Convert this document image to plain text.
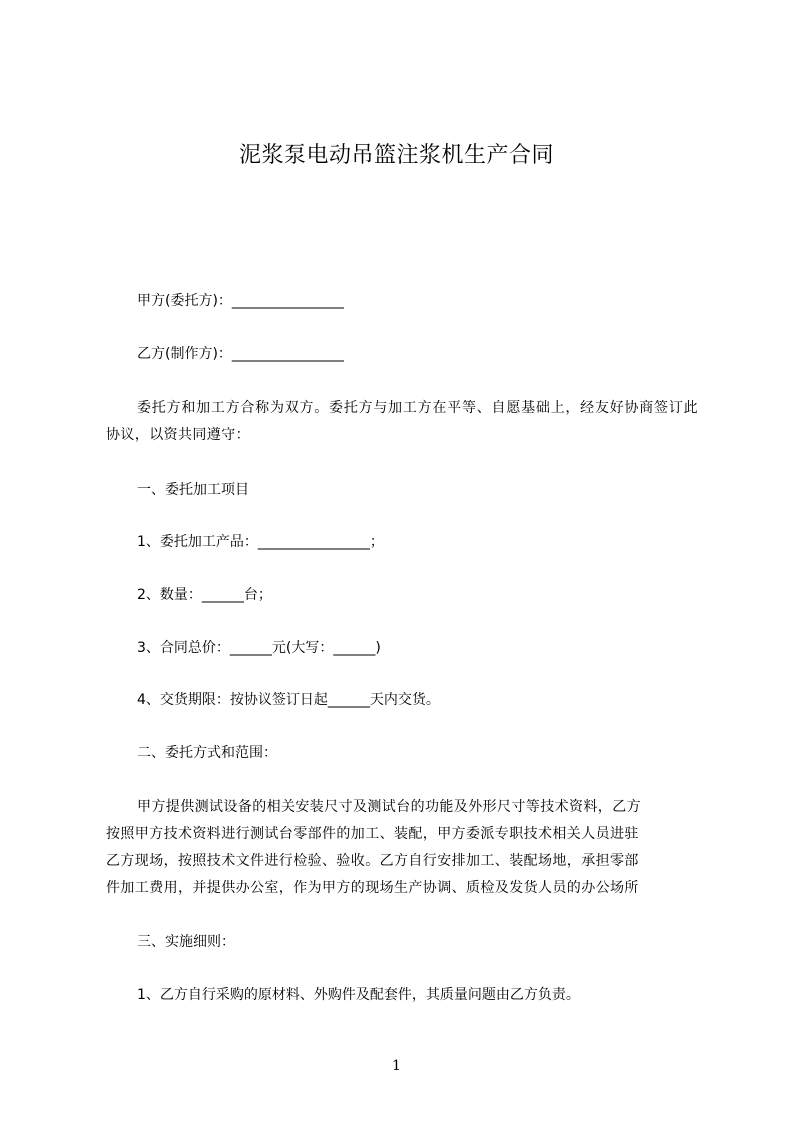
泥浆泵电动吊篮注浆机生产合同
甲方(委托方)：________________
乙方(制作方)：________________
委托方和加工方合称为双方。委托方与加工方在平等、自愿基础上，经友好协商签订此协议，以资共同遵守：
一、委托加工项目
1、委托加工产品：________________；
2、数量：______台；
3、合同总价：______元(大写：______)
4、交货期限：按协议签订日起______天内交货。
二、委托方式和范围：
甲方提供测试设备的相关安装尺寸及测试台的功能及外形尺寸等技术资料，乙方
按照甲方技术资料进行测试台零部件的加工、装配，甲方委派专职技术相关人员进驻
乙方现场，按照技术文件进行检验、验收。乙方自行安排加工、装配场地，承担零部
件加工费用，并提供办公室，作为甲方的现场生产协调、质检及发货人员的办公场所
三、实施细则：
1、乙方自行采购的原材料、外购件及配套件，其质量问题由乙方负责。
1
